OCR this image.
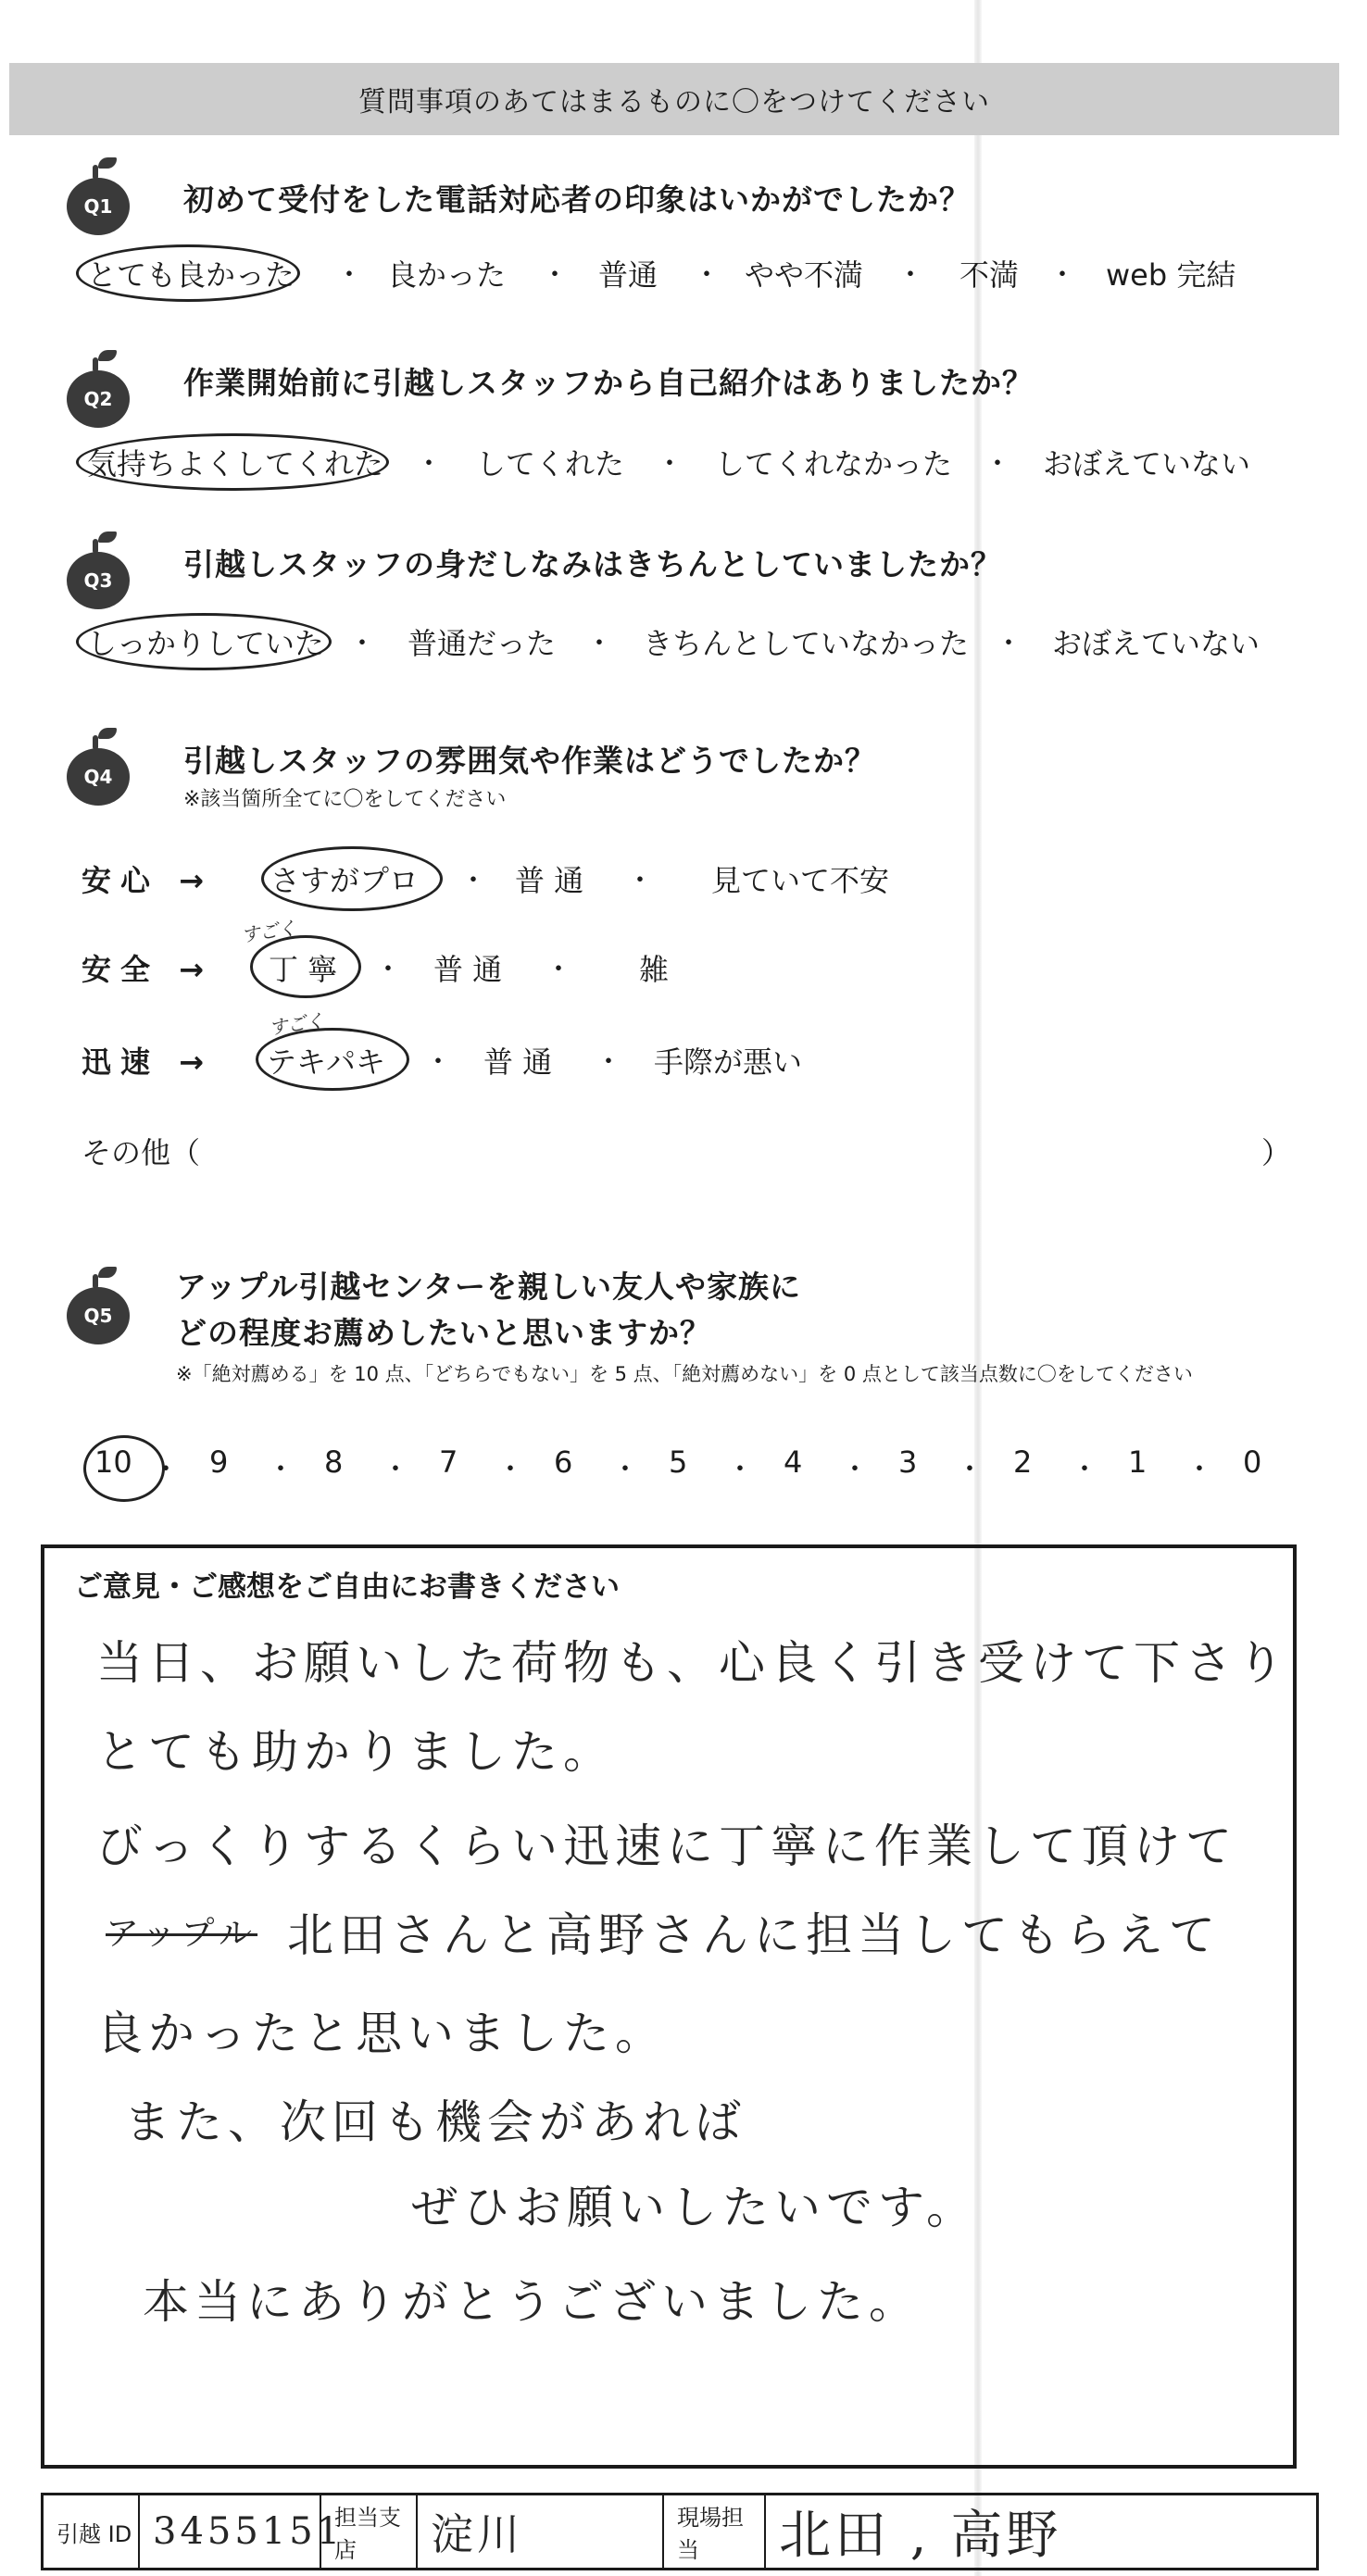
質問事項のあてはまるものに〇をつけてください
Q1	初めて受付をした電話対応者の印象はいかがでしたか？
とても良かった ・ 良かった ・ 普通 ・ やや不満 ・ 不満 ・ web 完結
Q2	作業開始前に引越しスタッフから自己紹介はありましたか？
気持ちよくしてくれた ・ してくれた ・ してくれなかった ・ おぼえていない
Q3	引越しスタッフの身だしなみはきちんとしていましたか？
しっかりしていた ・ 普通だった ・ きちんとしていなかった ・ おぼえていない
Q4	引越しスタッフの雰囲気や作業はどうでしたか？
※該当箇所全てに〇をしてください
安心 → さすがプロ ・ 普 通 ・ 見ていて不安
安全 →
すごく
丁 寧 ・ 普 通 ・ 雑
迅速 →
すごく
テキパキ ・ 普 通 ・ 手際が悪い
その他（	）
Q5
アップル引越センターを親しい友人や家族に
どの程度お薦めしたいと思いますか？
※「絶対薦める」を 10 点、「どちらでもない」を 5 点、「絶対薦めない」を 0 点として該当点数に〇をしてください
10 ・ 9 ・ 8 ・ 7 ・ 6 ・ 5 ・ 4 ・ 3 ・ 2 ・ 1 ・ 0
ご意見・ご感想をご自由にお書きください
当日、お願いした荷物も、心良く引き受けて下さり
とても助かりました。
びっくりするくらい迅速に丁寧に作業して頂けて
アップル 北田さんと高野さんに担当してもらえて
良かったと思いました。
また、次回も機会があれば
ぜひお願いしたいです。
本当にありがとうございました。
引越 ID 3455151
担当支店	淀川	現場担当	北田 , 高野
